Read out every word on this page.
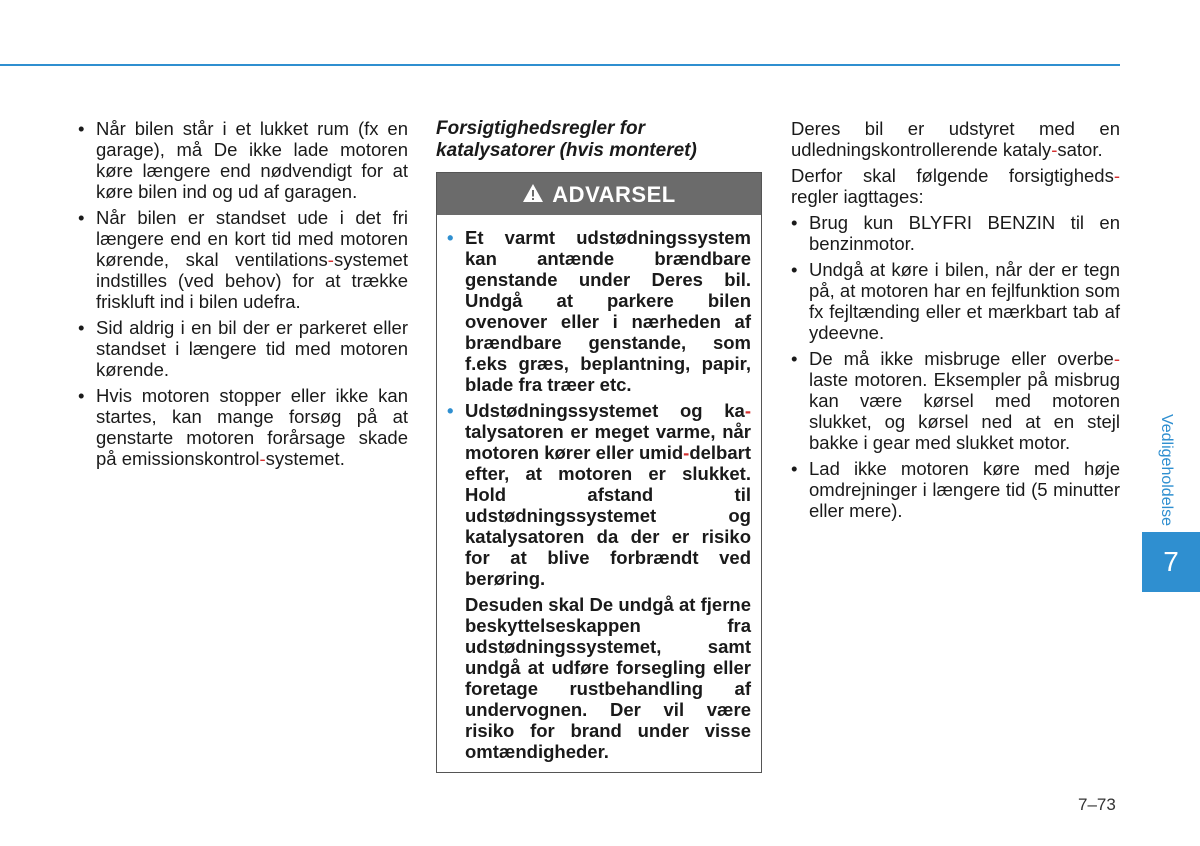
• Når bilen står i et lukket rum (fx en garage), må De ikke lade motoren køre længere end nødvendigt for at køre bilen ind og ud af garagen.
• Når bilen er standset ude i det fri længere end en kort tid med motoren kørende, skal ventilations-systemet indstilles (ved behov) for at trække friskluft ind i bilen udefra.
• Sid aldrig i en bil der er parkeret eller standset i længere tid med motoren kørende.
• Hvis motoren stopper eller ikke kan startes, kan mange forsøg på at genstarte motoren forårsage skade på emissionskontrol-systemet.
Forsigtighedsregler for katalysatorer (hvis monteret)
ADVARSEL
• Et varmt udstødningssystem kan antænde brændbare genstande under Deres bil. Undgå at parkere bilen ovenover eller i nærheden af brændbare genstande, som f.eks græs, beplantning, papir, blade fra træer etc.
• Udstødningssystemet og ka-talysatoren er meget varme, når motoren kører eller umid-delbart efter, at motoren er slukket. Hold afstand til udstødningssystemet og katalysatoren da der er risiko for at blive forbrændt ved berøring.

Desuden skal De undgå at fjerne beskyttelseskappen fra udstødningssystemet, samt undgå at udføre forsegling eller foretage rustbehandling af undervognen. Der vil være risiko for brand under visse omtændigheder.

Deres bil er udstyret med en udledningskontrollerende kataly-sator.

Derfor skal følgende forsigtigheds-regler iagttages:

• Brug kun BLYFRI BENZIN til en benzinmotor.
• Undgå at køre i bilen, når der er tegn på, at motoren har en fejlfunktion som fx fejltænding eller et mærkbart tab af ydeevne.
• De må ikke misbruge eller overbe-laste motoren. Eksempler på misbrug kan være kørsel med motoren slukket, og kørsel ned at en stejl bakke i gear med slukket motor.
• Lad ikke motoren køre med høje omdrejninger i længere tid (5 minutter eller mere).	Vedligeholdelse
7
7–73
